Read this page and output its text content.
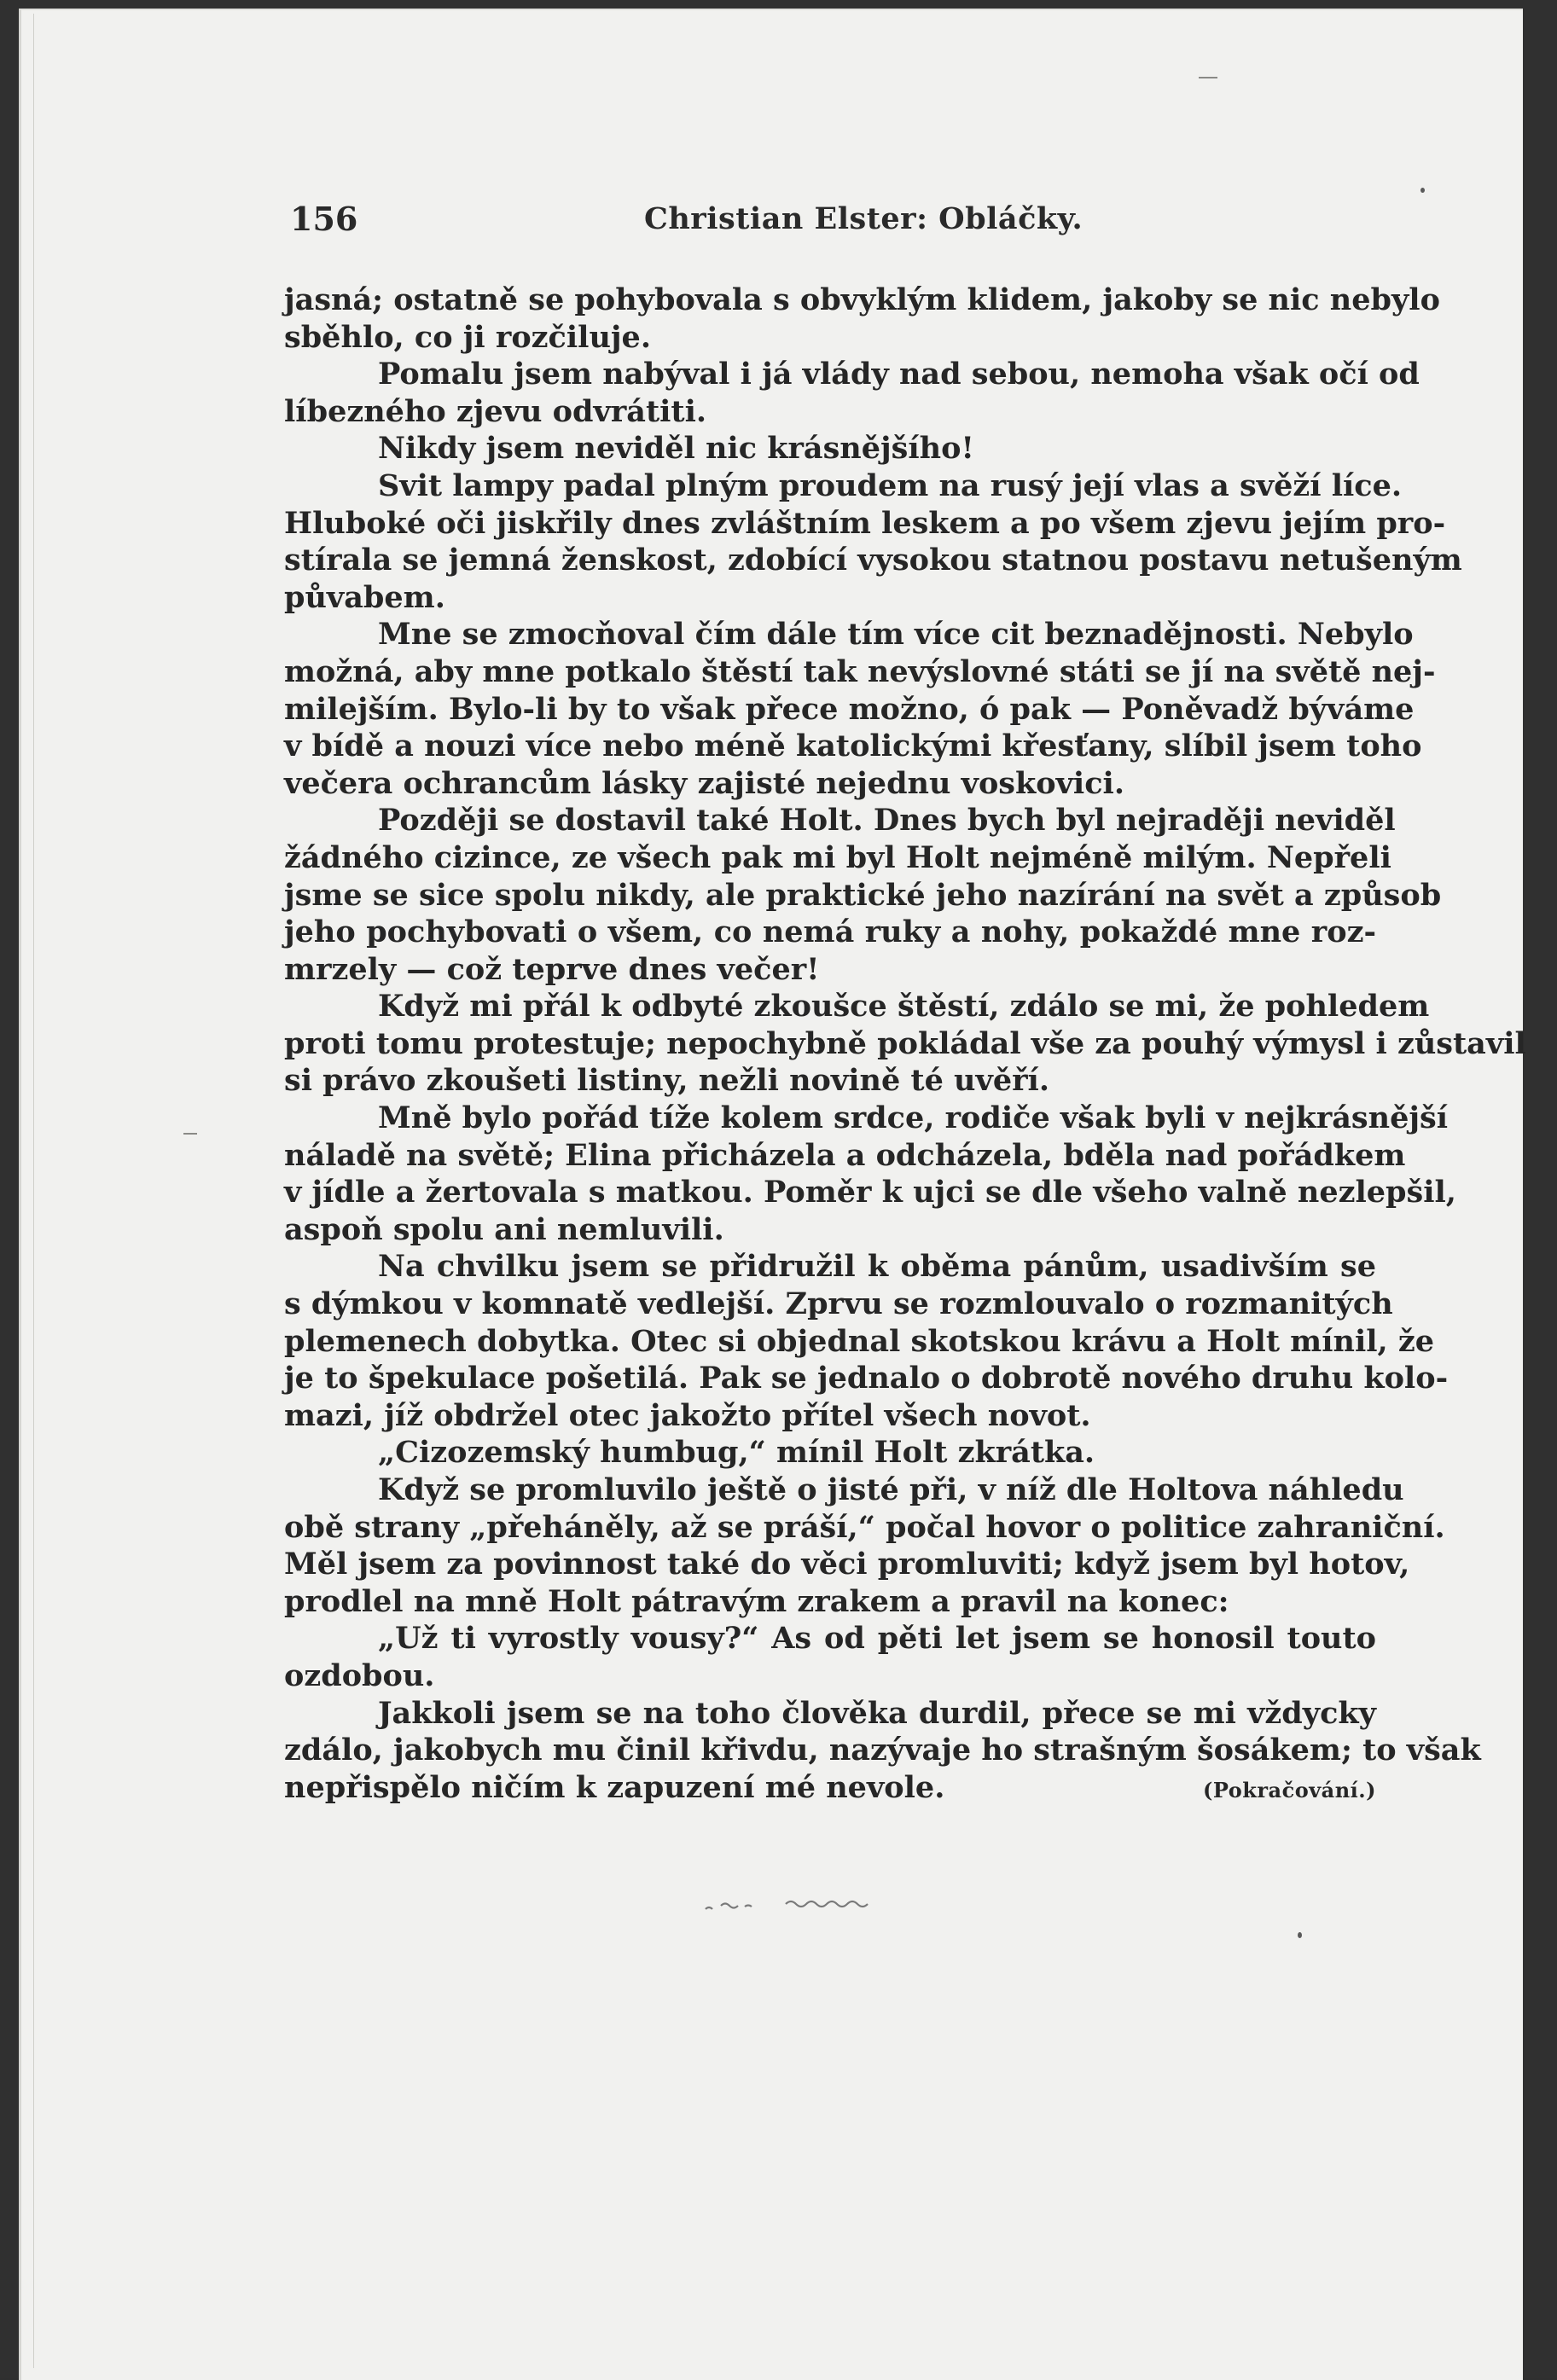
156	Christian Elster: Obláčky.
jasná; ostatně se pohybovala s obvyklým klidem, jakoby se nic nebylo
sběhlo, co ji rozčiluje.
Pomalu jsem nabýval i já vlády nad sebou, nemoha však očí od
líbezného zjevu odvrátiti.
Nikdy jsem neviděl nic krásnějšího!
Svit lampy padal plným proudem na rusý její vlas a svěží líce.
Hluboké oči jiskřily dnes zvláštním leskem a po všem zjevu jejím pro-
stírala se jemná ženskost, zdobící vysokou statnou postavu netušeným
půvabem.
Mne se zmocňoval čím dále tím více cit beznadějnosti. Nebylo
možná, aby mne potkalo štěstí tak nevýslovné státi se jí na světě nej-
milejším. Bylo-li by to však přece možno, ó pak — Poněvadž býváme
v bídě a nouzi více nebo méně katolickými křesťany, slíbil jsem toho
večera ochrancům lásky zajisté nejednu voskovici.
Později se dostavil také Holt. Dnes bych byl nejraději neviděl
žádného cizince, ze všech pak mi byl Holt nejméně milým. Nepřeli
jsme se sice spolu nikdy, ale praktické jeho nazírání na svět a způsob
jeho pochybovati o všem, co nemá ruky a nohy, pokaždé mne roz-
mrzely — což teprve dnes večer!
Když mi přál k odbyté zkoušce štěstí, zdálo se mi, že pohledem
proti tomu protestuje; nepochybně pokládal vše za pouhý výmysl i zůstavil
si právo zkoušeti listiny, nežli novině té uvěří.
Mně bylo pořád tíže kolem srdce, rodiče však byli v nejkrásnější
náladě na světě; Elina přicházela a odcházela, bděla nad pořádkem
v jídle a žertovala s matkou. Poměr k ujci se dle všeho valně nezlepšil,
aspoň spolu ani nemluvili.
Na chvilku jsem se přidružil k oběma pánům, usadivším se
s dýmkou v komnatě vedlejší. Zprvu se rozmlouvalo o rozmanitých
plemenech dobytka. Otec si objednal skotskou krávu a Holt mínil, že
je to špekulace pošetilá. Pak se jednalo o dobrotě nového druhu kolo-
mazi, jíž obdržel otec jakožto přítel všech novot.
„Cizozemský humbug,“ mínil Holt zkrátka.
Když se promluvilo ještě o jisté při, v níž dle Holtova náhledu
obě strany „přeháněly, až se práší,“ počal hovor o politice zahraniční.
Měl jsem za povinnost také do věci promluviti; když jsem byl hotov,
prodlel na mně Holt pátravým zrakem a pravil na konec:
„Už ti vyrostly vousy?“ As od pěti let jsem se honosil touto
ozdobou.
Jakkoli jsem se na toho člověka durdil, přece se mi vždycky
zdálo, jakobych mu činil křivdu, nazývaje ho strašným šosákem; to však
nepřispělo ničím k zapuzení mé nevole.	(Pokračování.)
